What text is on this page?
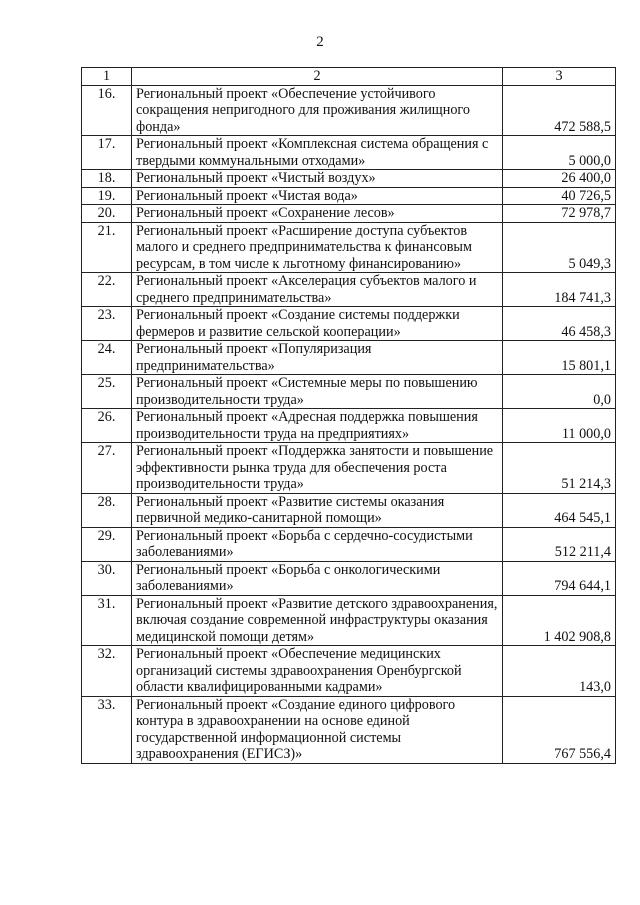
2
1	2	3
16.	Региональный проект «Обеспечение устойчивого сокращения непригодного для проживания жилищного фонда»	472 588,5
17.	Региональный проект «Комплексная система обращения с твердыми коммунальными отходами»	5 000,0
18.	Региональный проект «Чистый воздух»	26 400,0
19.	Региональный проект «Чистая вода»	40 726,5
20.	Региональный проект «Сохранение лесов»	72 978,7
21.	Региональный проект «Расширение доступа субъектов малого и среднего предпринимательства к финансовым ресурсам, в том числе к льготному финансированию»	5 049,3
22.	Региональный проект «Акселерация субъектов малого и среднего предпринимательства»	184 741,3
23.	Региональный проект «Создание системы поддержки фермеров и развитие сельской кооперации»	46 458,3
24.	Региональный проект «Популяризация предпринимательства»	15 801,1
25.	Региональный проект «Системные меры по повышению производительности труда»	0,0
26.	Региональный проект «Адресная поддержка повышения производительности труда на предприятиях»	11 000,0
27.	Региональный проект «Поддержка занятости и повышение эффективности рынка труда для обеспечения роста производительности труда»	51 214,3
28.	Региональный проект «Развитие системы оказания первичной медико-санитарной помощи»	464 545,1
29.	Региональный проект «Борьба с сердечно-сосудистыми заболеваниями»	512 211,4
30.	Региональный проект «Борьба с онкологическими заболеваниями»	794 644,1
31.	Региональный проект «Развитие детского здравоохранения, включая создание современной инфраструктуры оказания медицинской помощи детям»	1 402 908,8
32.	Региональный проект «Обеспечение медицинских организаций системы здравоохранения Оренбургской области квалифицированными кадрами»	143,0
33.	Региональный проект «Создание единого цифрового контура в здравоохранении на основе единой государственной информационной системы здравоохранения (ЕГИСЗ)»	767 556,4
